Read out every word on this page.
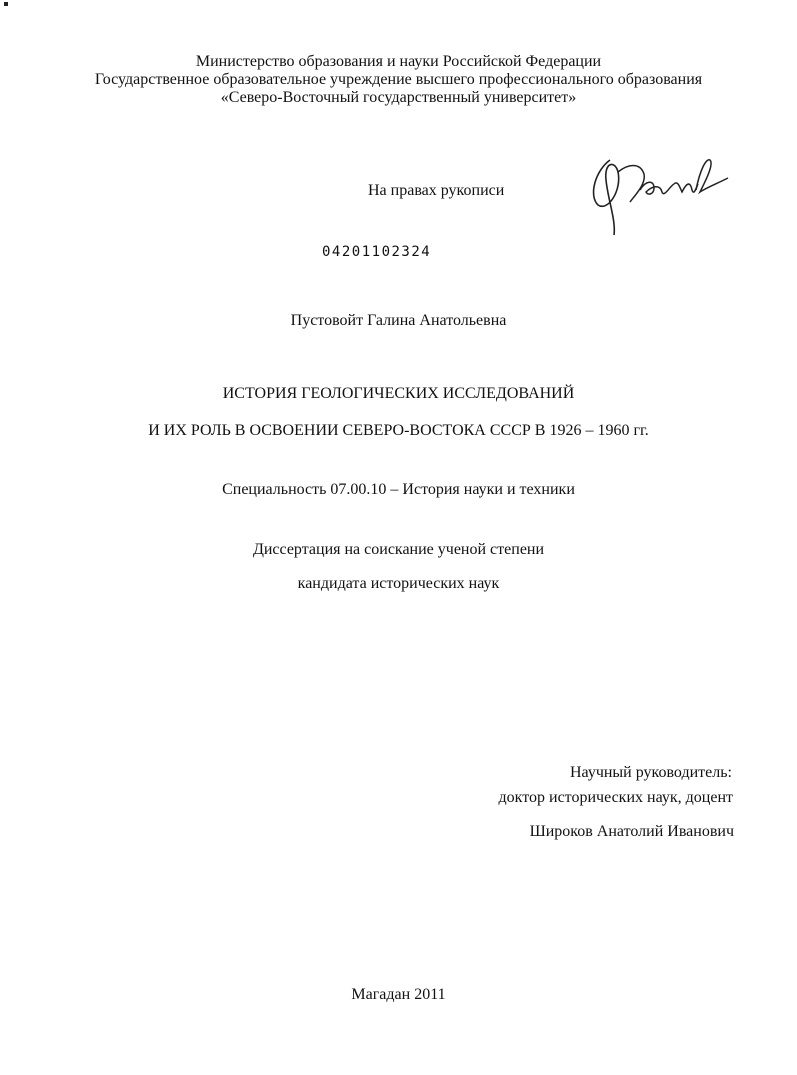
Министерство образования и науки Российской Федерации
Государственное образовательное учреждение высшего профессионального образования
«Северо-Восточный государственный университет»
На правах рукописи
04201102324
Пустовойт Галина Анатольевна
ИСТОРИЯ ГЕОЛОГИЧЕСКИХ ИССЛЕДОВАНИЙ
И ИХ РОЛЬ В ОСВОЕНИИ СЕВЕРО-ВОСТОКА СССР В 1926 – 1960 гг.
Специальность 07.00.10 – История науки и техники
Диссертация на соискание ученой степени
кандидата исторических наук
Научный руководитель:
доктор исторических наук, доцент
Широков Анатолий Иванович
Магадан 2011
